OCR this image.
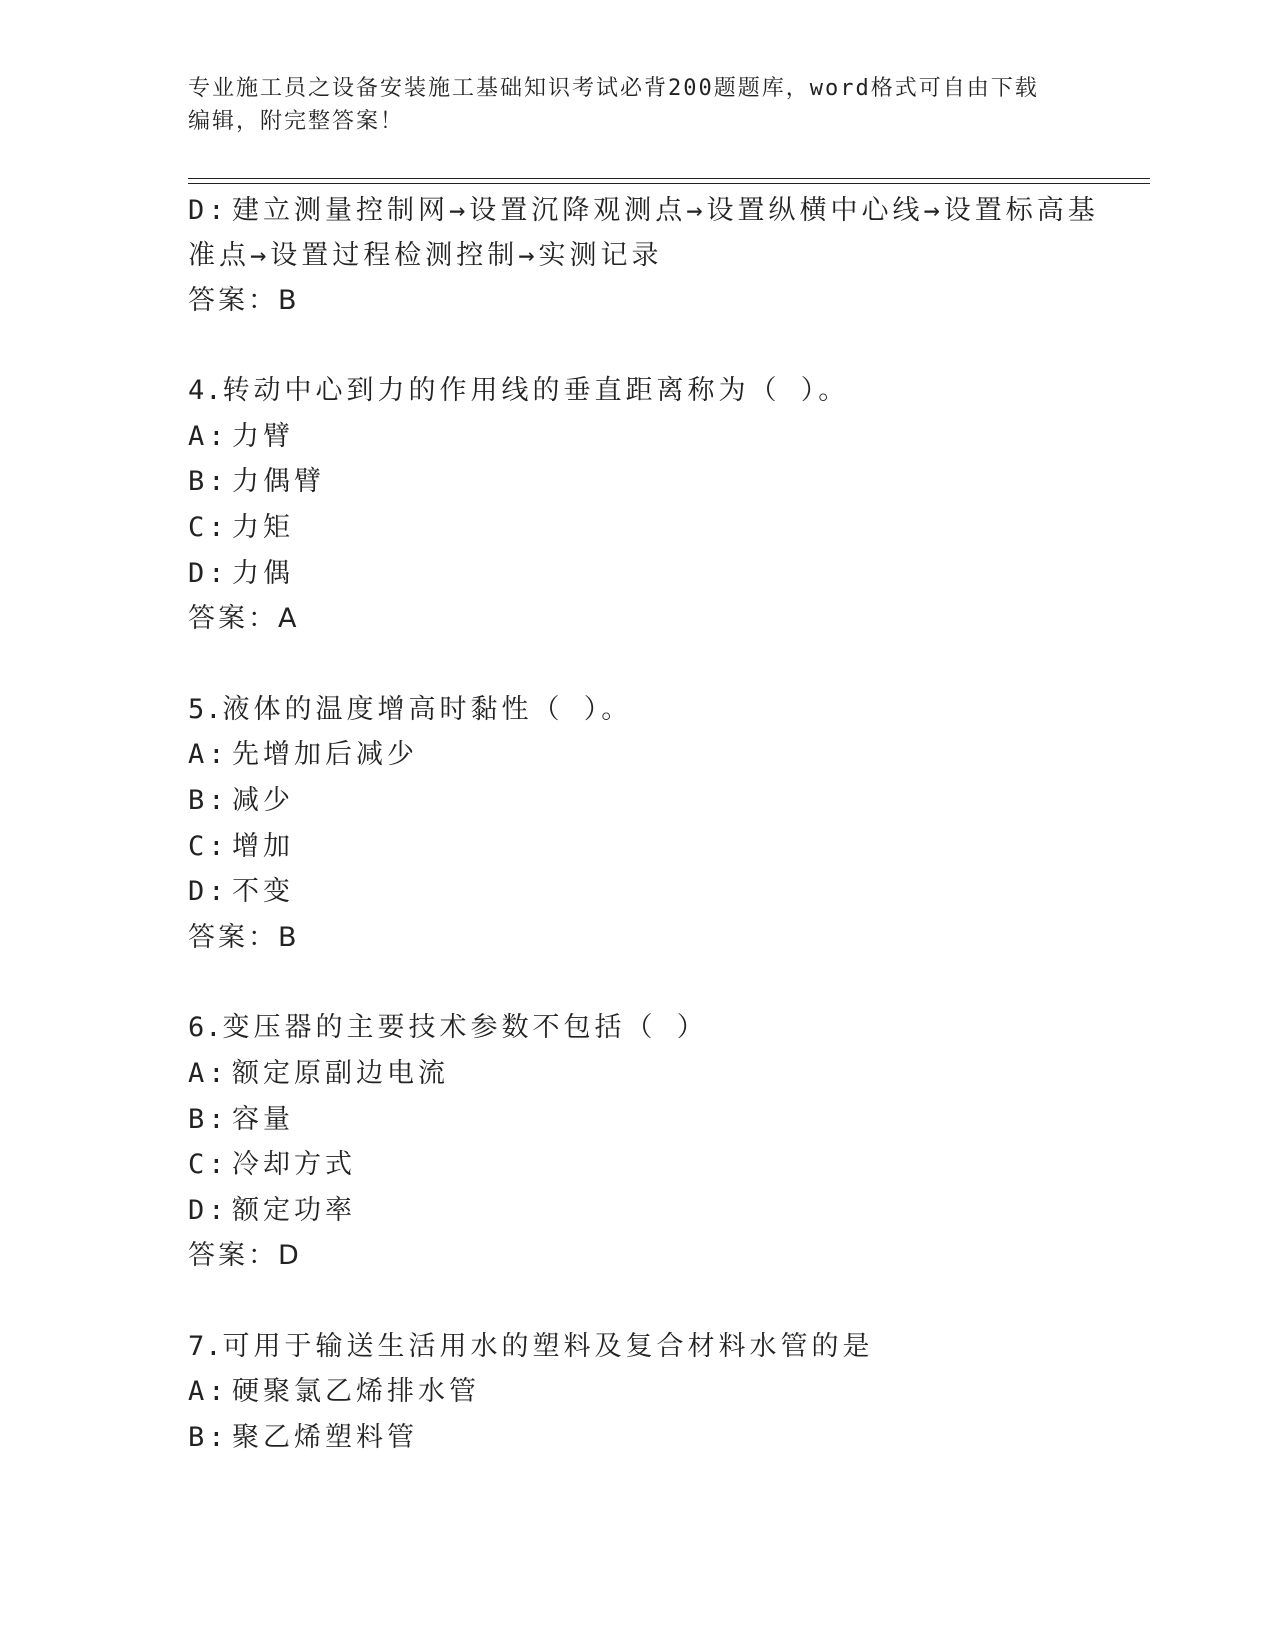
专业施工员之设备安装施工基础知识考试必背200题题库，word格式可自由下载
编辑，附完整答案！
D: 建立测量控制网→设置沉降观测点→设置纵横中心线→设置标高基
准点→设置过程检测控制→实测记录
答案：B
4.转动中心到力的作用线的垂直距离称为（ ）。
A: 力臂
B: 力偶臂
C: 力矩
D: 力偶
答案：A
5.液体的温度增高时黏性（ ）。
A: 先增加后减少
B: 减少
C: 增加
D: 不变
答案：B
6.变压器的主要技术参数不包括（ ）
A: 额定原副边电流
B: 容量
C: 冷却方式
D: 额定功率
答案：D
7.可用于输送生活用水的塑料及复合材料水管的是
A: 硬聚氯乙烯排水管
B: 聚乙烯塑料管
